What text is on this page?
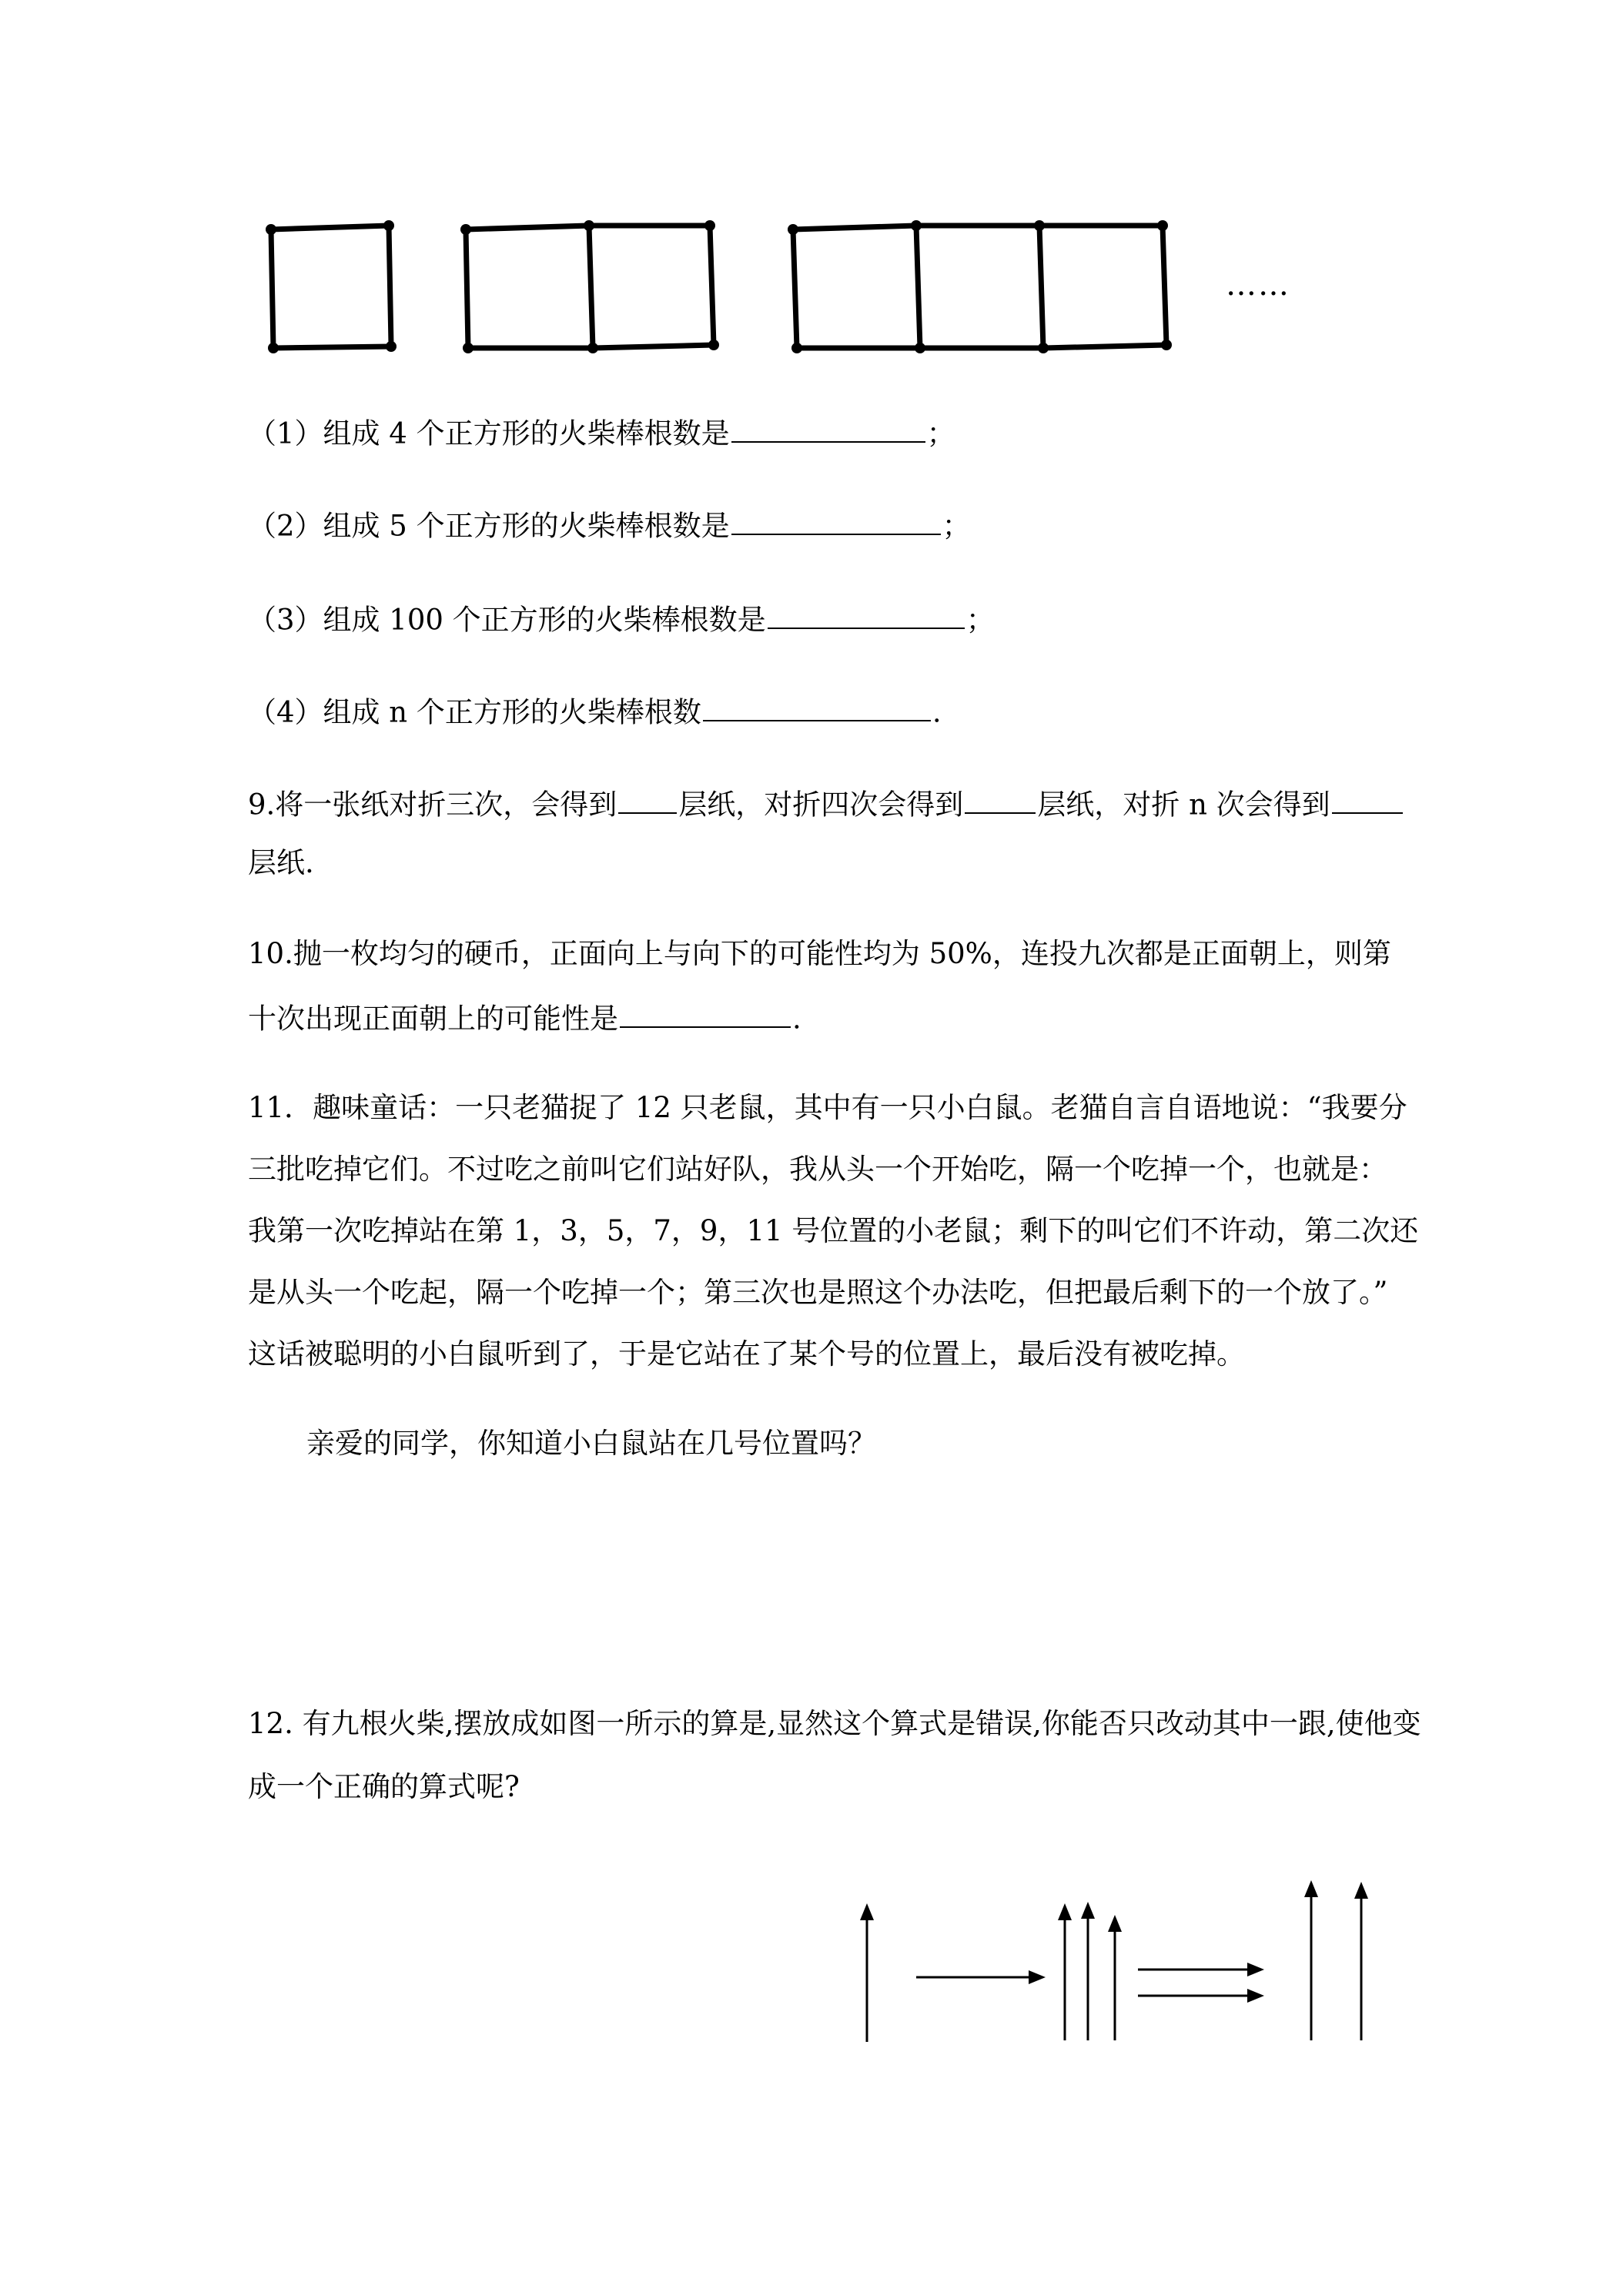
……
（1）组成 4 个正方形的火柴棒根数是	；
（2）组成 5 个正方形的火柴棒根数是	；
（3）组成 100 个正方形的火柴棒根数是	；
（4）组成 n 个正方形的火柴棒根数	.
9.将一张纸对折三次，会得到 层纸，对折四次会得到	层纸，对折 n 次会得到
层纸.
10.抛一枚均匀的硬币，正面向上与向下的可能性均为 50%，连投九次都是正面朝上，则第
十次出现正面朝上的可能性是	.
11．趣味童话：一只老猫捉了 12 只老鼠，其中有一只小白鼠。老猫自言自语地说：“我要分
三批吃掉它们。不过吃之前叫它们站好队，我从头一个开始吃，隔一个吃掉一个，也就是：
我第一次吃掉站在第 1，3，5，7，9，11 号位置的小老鼠；剩下的叫它们不许动，第二次还
是从头一个吃起，隔一个吃掉一个；第三次也是照这个办法吃，但把最后剩下的一个放了。”
这话被聪明的小白鼠听到了，于是它站在了某个号的位置上，最后没有被吃掉。
亲爱的同学，你知道小白鼠站在几号位置吗？
12. 有九根火柴,摆放成如图一所示的算是,显然这个算式是错误,你能否只改动其中一跟,使他变
成一个正确的算式呢?
